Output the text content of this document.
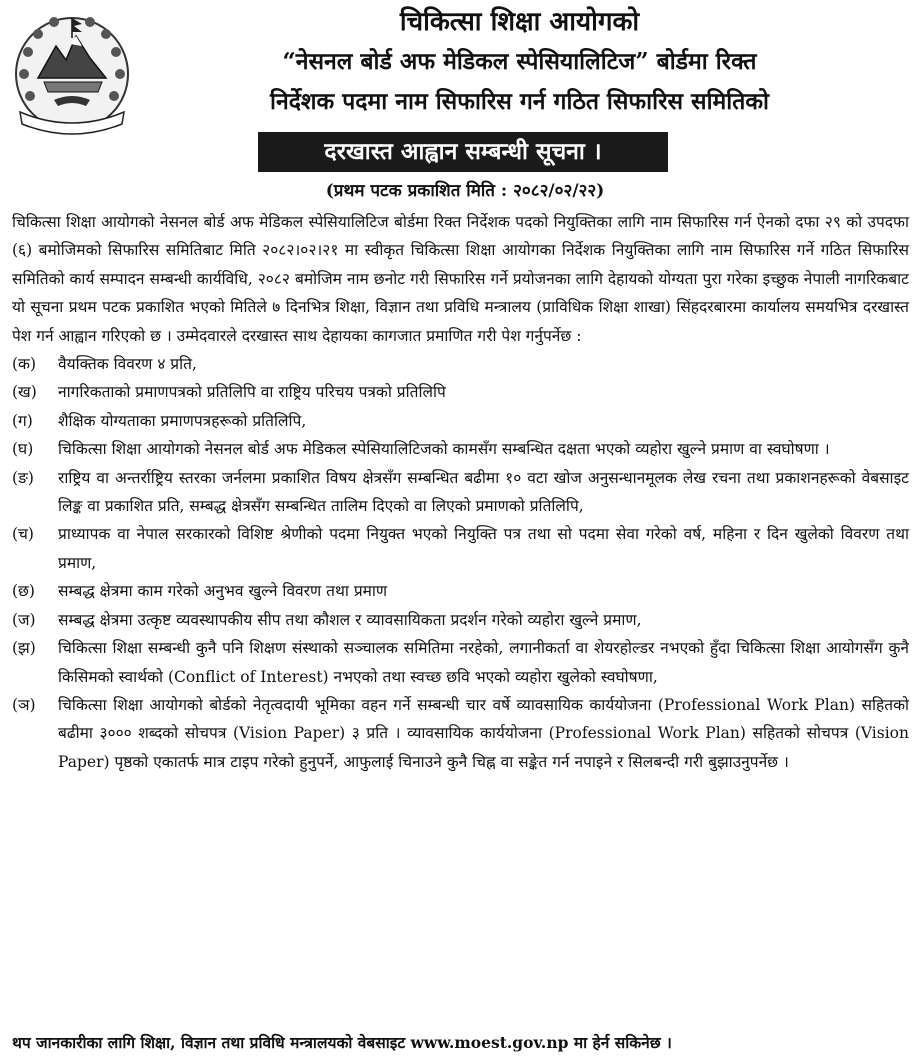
चिकित्सा शिक्षा आयोगको
“नेसनल बोर्ड अफ मेडिकल स्पेसियालिटिज” बोर्डमा रिक्त
निर्देशक पदमा नाम सिफारिस गर्न गठित सिफारिस समितिको
दरखास्त आह्वान सम्बन्धी सूचना ।
(प्रथम पटक प्रकाशित मिति : २०८२/०२/२२)

चिकित्सा शिक्षा आयोगको नेसनल बोर्ड अफ मेडिकल स्पेसियालिटिज बोर्डमा रिक्त निर्देशक पदको नियुक्तिका लागि नाम सिफारिस गर्न ऐनको दफा २९ को उपदफा (६) बमोजिमको सिफारिस समितिबाट मिति २०८२।०२।२१ मा स्वीकृत चिकित्सा शिक्षा आयोगका निर्देशक नियुक्तिका लागि नाम सिफारिस गर्ने गठित सिफारिस समितिको कार्य सम्पादन सम्बन्धी कार्यविधि, २०८२ बमोजिम नाम छनोट गरी सिफारिस गर्ने प्रयोजनका लागि देहायको योग्यता पुरा गरेका इच्छुक नेपाली नागरिकबाट यो सूचना प्रथम पटक प्रकाशित भएको मितिले ७ दिनभित्र शिक्षा, विज्ञान तथा प्रविधि मन्त्रालय (प्राविधिक शिक्षा शाखा) सिंहदरबारमा कार्यालय समयभित्र दरखास्त पेश गर्न आह्वान गरिएको छ । उम्मेदवारले दरखास्त साथ देहायका कागजात प्रमाणित गरी पेश गर्नुपर्नेछ :

(क)	वैयक्तिक विवरण ४ प्रति,
(ख)	नागरिकताको प्रमाणपत्रको प्रतिलिपि वा राष्ट्रिय परिचय पत्रको प्रतिलिपि
(ग)	शैक्षिक योग्यताका प्रमाणपत्रहरूको प्रतिलिपि,
(घ)	चिकित्सा शिक्षा आयोगको नेसनल बोर्ड अफ मेडिकल स्पेसियालिटिजको कामसँग सम्बन्धित दक्षता भएको व्यहोरा खुल्ने प्रमाण वा स्वघोषणा ।
(ङ)	राष्ट्रिय वा अन्तर्राष्ट्रिय स्तरका जर्नलमा प्रकाशित विषय क्षेत्रसँग सम्बन्धित बढीमा १० वटा खोज अनुसन्धानमूलक लेख रचना तथा प्रकाशनहरूको वेबसाइट लिङ्क वा प्रकाशित प्रति, सम्बद्ध क्षेत्रसँग सम्बन्धित तालिम दिएको वा लिएको प्रमाणको प्रतिलिपि,
(च)	प्राध्यापक वा नेपाल सरकारको विशिष्ट श्रेणीको पदमा नियुक्त भएको नियुक्ति पत्र तथा सो पदमा सेवा गरेको वर्ष, महिना र दिन खुलेको विवरण तथा प्रमाण,
(छ)	सम्बद्ध क्षेत्रमा काम गरेको अनुभव खुल्ने विवरण तथा प्रमाण
(ज)	सम्बद्ध क्षेत्रमा उत्कृष्ट व्यवस्थापकीय सीप तथा कौशल र व्यावसायिकता प्रदर्शन गरेको व्यहोरा खुल्ने प्रमाण,
(झ)	चिकित्सा शिक्षा सम्बन्धी कुनै पनि शिक्षण संस्थाको सञ्चालक समितिमा नरहेको, लगानीकर्ता वा शेयरहोल्डर नभएको हुँदा चिकित्सा शिक्षा आयोगसँग कुनै किसिमको स्वार्थको (Conflict of Interest) नभएको तथा स्वच्छ छवि भएको व्यहोरा खुलेको स्वघोषणा,
(ञ)	चिकित्सा शिक्षा आयोगको बोर्डको नेतृत्वदायी भूमिका वहन गर्ने सम्बन्धी चार वर्षे व्यावसायिक कार्ययोजना (Professional Work Plan) सहितको बढीमा ३००० शब्दको सोचपत्र (Vision Paper) ३ प्रति । व्यावसायिक कार्ययोजना (Professional Work Plan) सहितको सोचपत्र (Vision Paper) पृष्ठको एकातर्फ मात्र टाइप गरेको हुनुपर्ने, आफुलाई चिनाउने कुनै चिह्न वा सङ्केत गर्न नपाइने र सिलबन्दी गरी बुझाउनुपर्नेछ ।
थप जानकारीका लागि शिक्षा, विज्ञान तथा प्रविधि मन्त्रालयको वेबसाइट www.moest.gov.np मा हेर्न सकिनेछ ।
